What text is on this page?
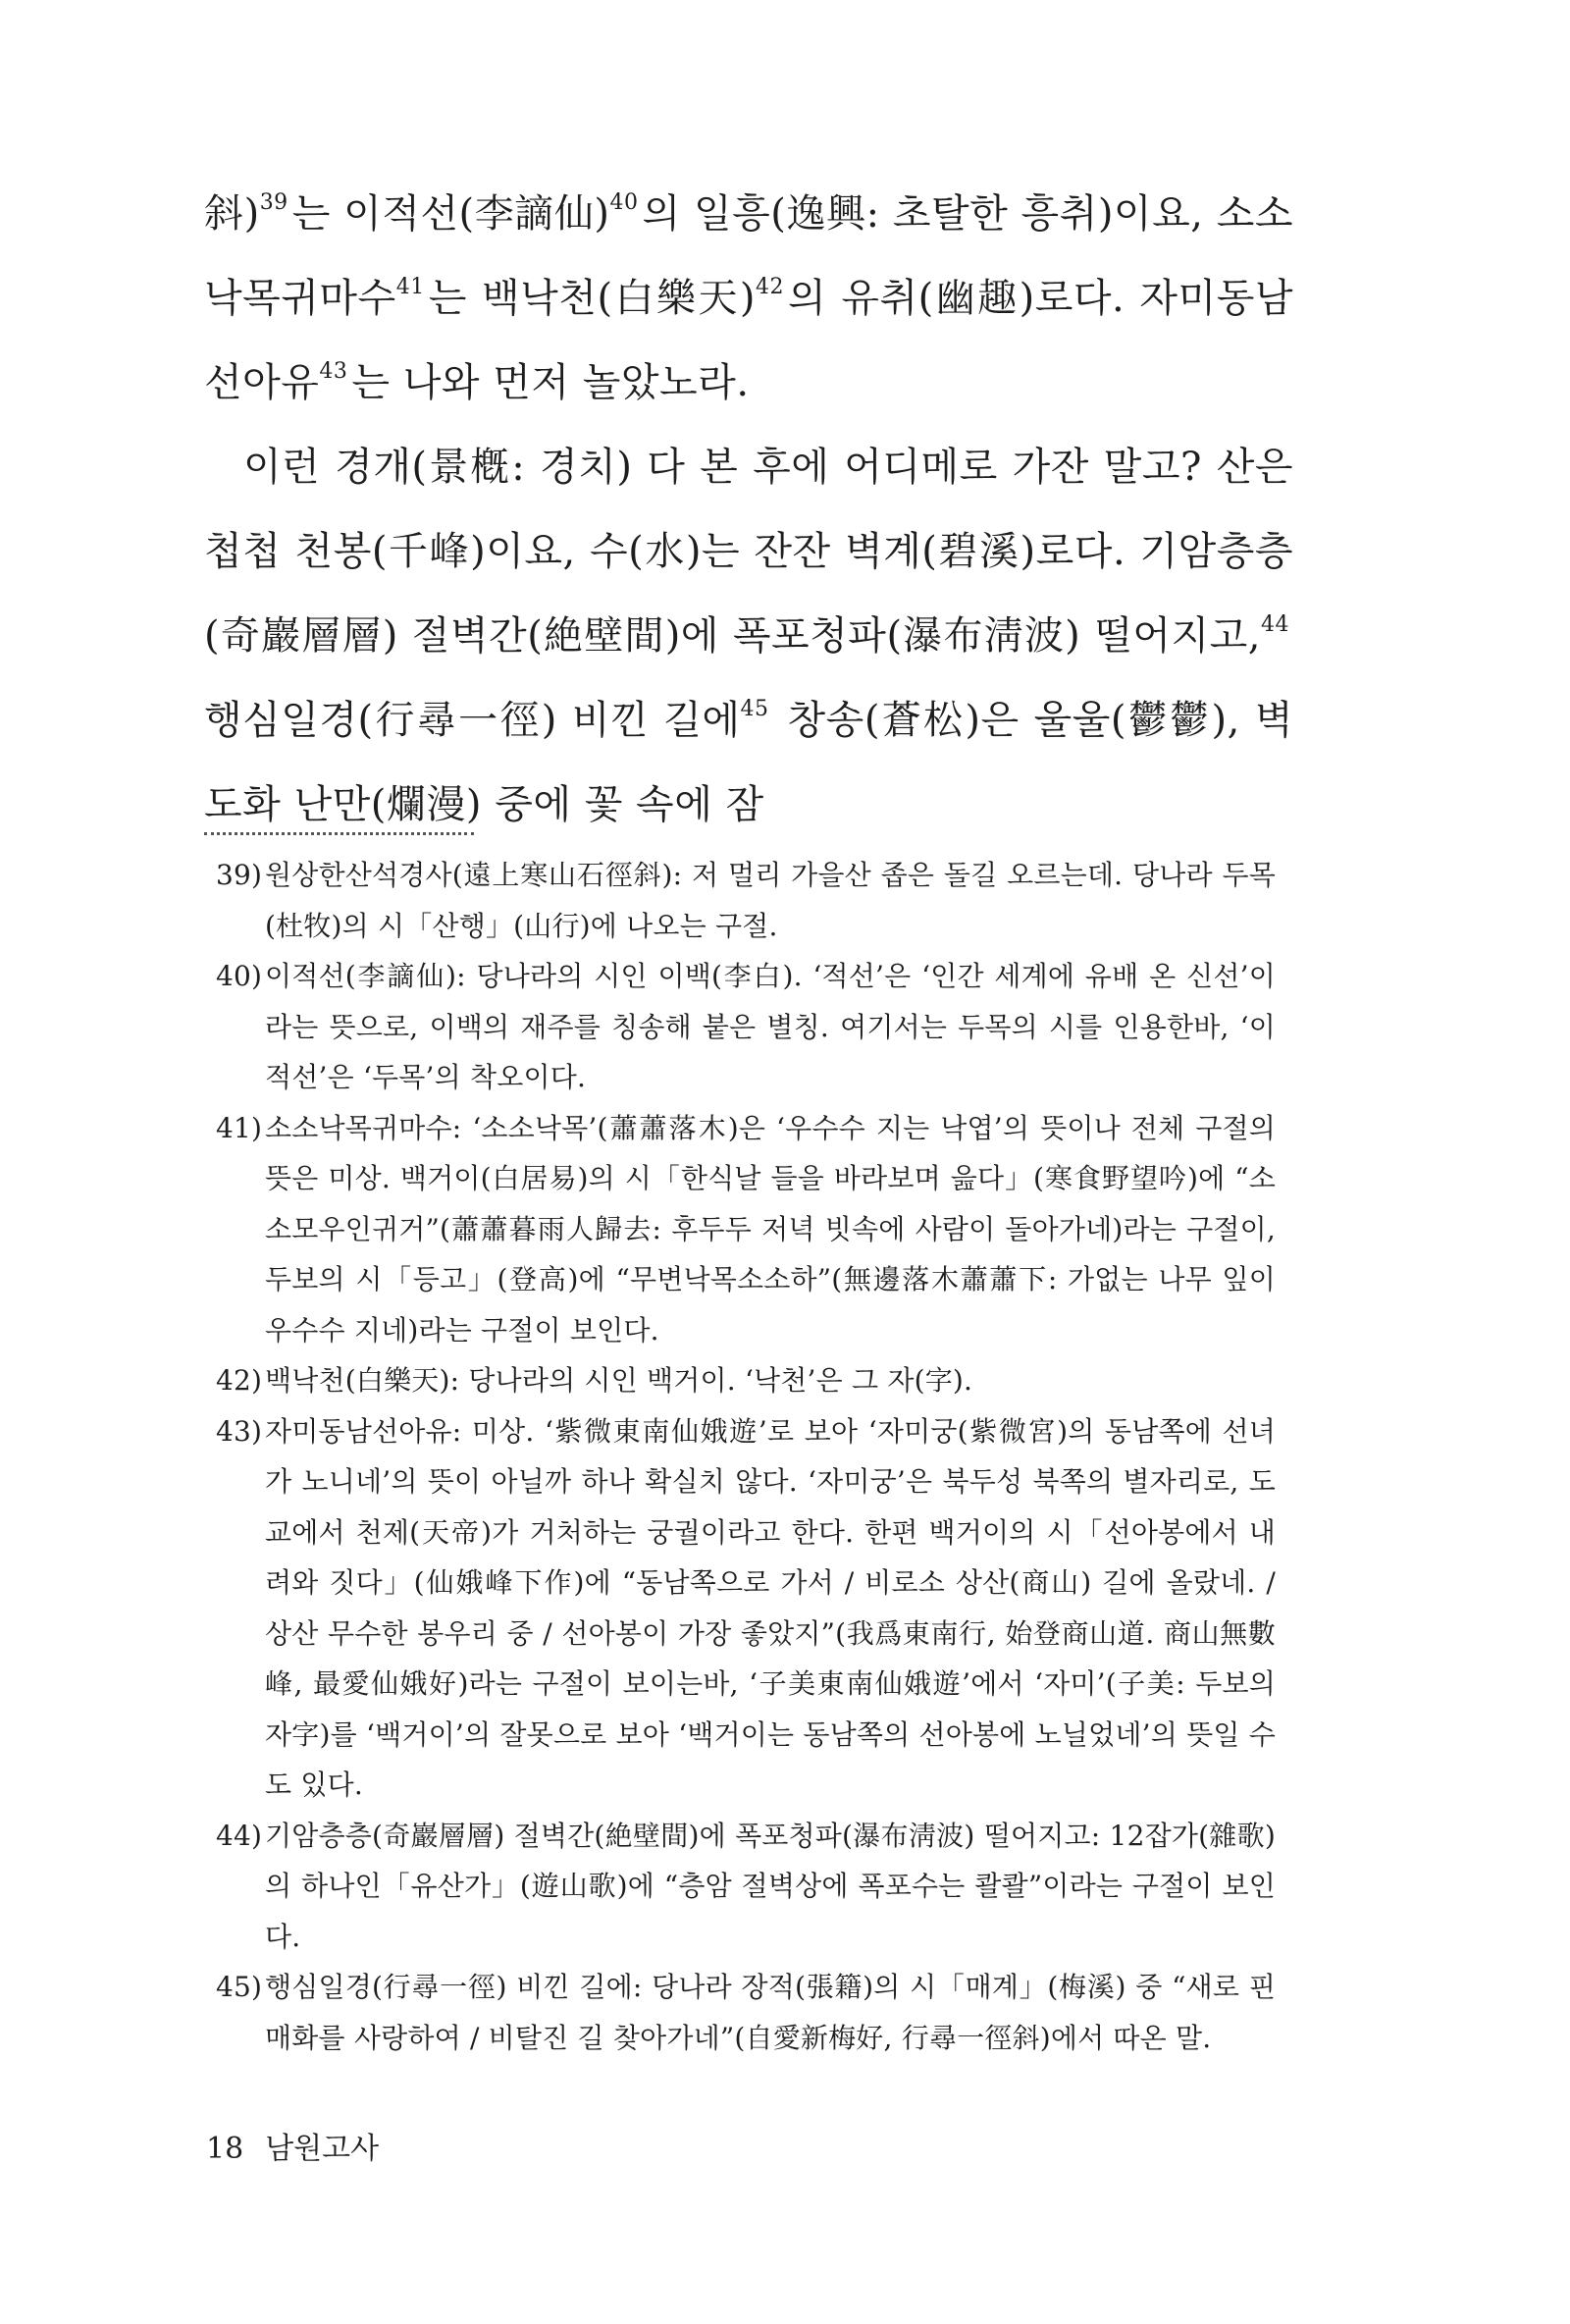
斜)$^{39}$ 는 이적선(李謫仙)$^{40}$ 의 일흥(逸興: 초탈한 흥취)이요, 소소낙목귀마수$^{41}$ 는 백낙천(白樂天)$^{42}$ 의 유취(幽趣)로다. 자미동남선아유$^{43}$ 는 나와 먼저 놀았노라.

이런 경개(景槪: 경치) 다 본 후에 어디메로 가잔 말고? 산은 첩첩 천봉(千峰)이요, 수(水)는 잔잔 벽계(碧溪)로다. 기암층층(奇巖層層) 절벽간(絶壁間)에 폭포청파(瀑布淸波) 떨어지고,$^{44}$ 행심일경(行尋一徑) 비낀 길에$^{45}$ 창송(蒼松)은 울울(鬱鬱), 벽도화 난만(爛漫) 중에 꽃 속에 잠

39) 원상한산석경사(遠上寒山石徑斜): 저 멀리 가을산 좁은 돌길 오르는데. 당나라 두목(杜牧)의 시「산행」(山行)에 나오는 구절.
40) 이적선(李謫仙): 당나라의 시인 이백(李白). ‘적선’은 ‘인간 세계에 유배 온 신선’이라는 뜻으로, 이백의 재주를 칭송해 붙은 별칭. 여기서는 두목의 시를 인용한바, ‘이적선’은 ‘두목’의 착오이다.
41) 소소낙목귀마수: ‘소소낙목’(蕭蕭落木)은 ‘우수수 지는 낙엽’의 뜻이나 전체 구절의 뜻은 미상. 백거이(白居易)의 시「한식날 들을 바라보며 읊다」(寒食野望吟)에 “소소모우인귀거”(蕭蕭暮雨人歸去: 후두두 저녁 빗속에 사람이 돌아가네)라는 구절이, 두보의 시「등고」(登高)에 “무변낙목소소하”(無邊落木蕭蕭下: 가없는 나무 잎이 우수수 지네)라는 구절이 보인다.
42) 백낙천(白樂天): 당나라의 시인 백거이. ‘낙천’은 그 자(字).
43) 자미동남선아유: 미상. ‘紫微東南仙娥遊’로 보아 ‘자미궁(紫微宮)의 동남쪽에 선녀가 노니네’의 뜻이 아닐까 하나 확실치 않다. ‘자미궁’은 북두성 북쪽의 별자리로, 도교에서 천제(天帝)가 거처하는 궁궐이라고 한다. 한편 백거이의 시「선아봉에서 내려와 짓다」(仙娥峰下作)에 “동남쪽으로 가서 / 비로소 상산(商山) 길에 올랐네. / 상산 무수한 봉우리 중 / 선아봉이 가장 좋았지”(我爲東南行, 始登商山道. 商山無數峰, 最愛仙娥好)라는 구절이 보이는바, ‘子美東南仙娥遊’에서 ‘자미’(子美: 두보의 자字)를 ‘백거이’의 잘못으로 보아 ‘백거이는 동남쪽의 선아봉에 노닐었네’의 뜻일 수도 있다.
44) 기암층층(奇巖層層) 절벽간(絶壁間)에 폭포청파(瀑布淸波) 떨어지고: 12잡가(雜歌)의 하나인「유산가」(遊山歌)에 “층암 절벽상에 폭포수는 콸콸”이라는 구절이 보인다.
45) 행심일경(行尋一徑) 비낀 길에: 당나라 장적(張籍)의 시「매계」(梅溪) 중 “새로 핀 매화를 사랑하여 / 비탈진 길 찾아가네”(自愛新梅好, 行尋一徑斜)에서 따온 말.
18 남원고사
